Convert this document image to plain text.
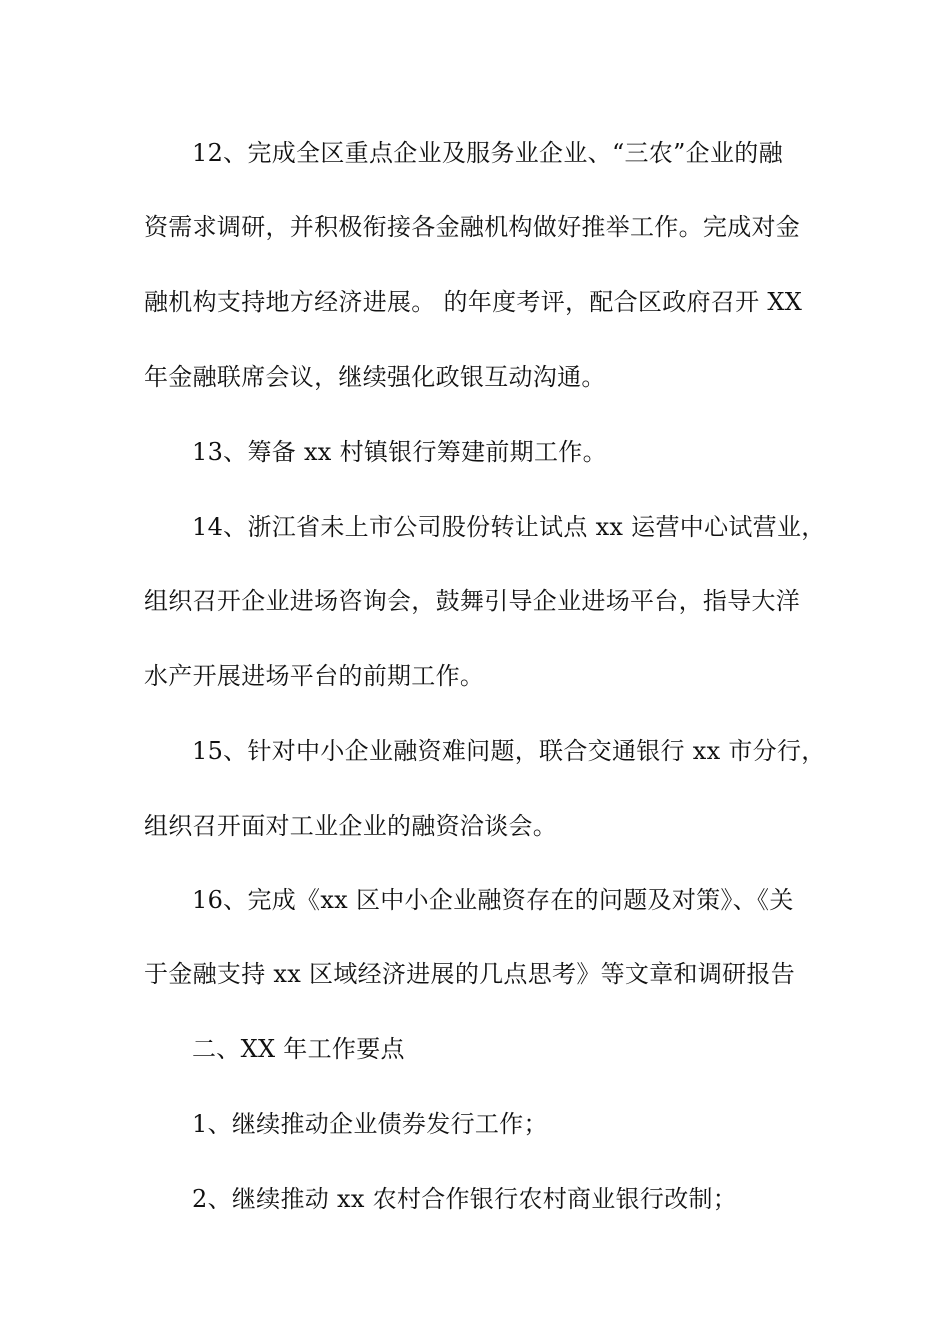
12、完成全区重点企业及服务业企业、“三农”企业的融
资需求调研，并积极衔接各金融机构做好推举工作。完成对金
融机构支持地方经济进展。 的年度考评，配合区政府召开 XX
年金融联席会议，继续强化政银互动沟通。
13、筹备 xx 村镇银行筹建前期工作。
14、浙江省未上市公司股份转让试点 xx 运营中心试营业，
组织召开企业进场咨询会，鼓舞引导企业进场平台，指导大洋
水产开展进场平台的前期工作。
15、针对中小企业融资难问题，联合交通银行 xx 市分行，
组织召开面对工业企业的融资洽谈会。
16、完成《xx 区中小企业融资存在的问题及对策》、《关
于金融支持 xx 区域经济进展的几点思考》等文章和调研报告
二、XX 年工作要点
1、继续推动企业债券发行工作；
2、继续推动 xx 农村合作银行农村商业银行改制；
